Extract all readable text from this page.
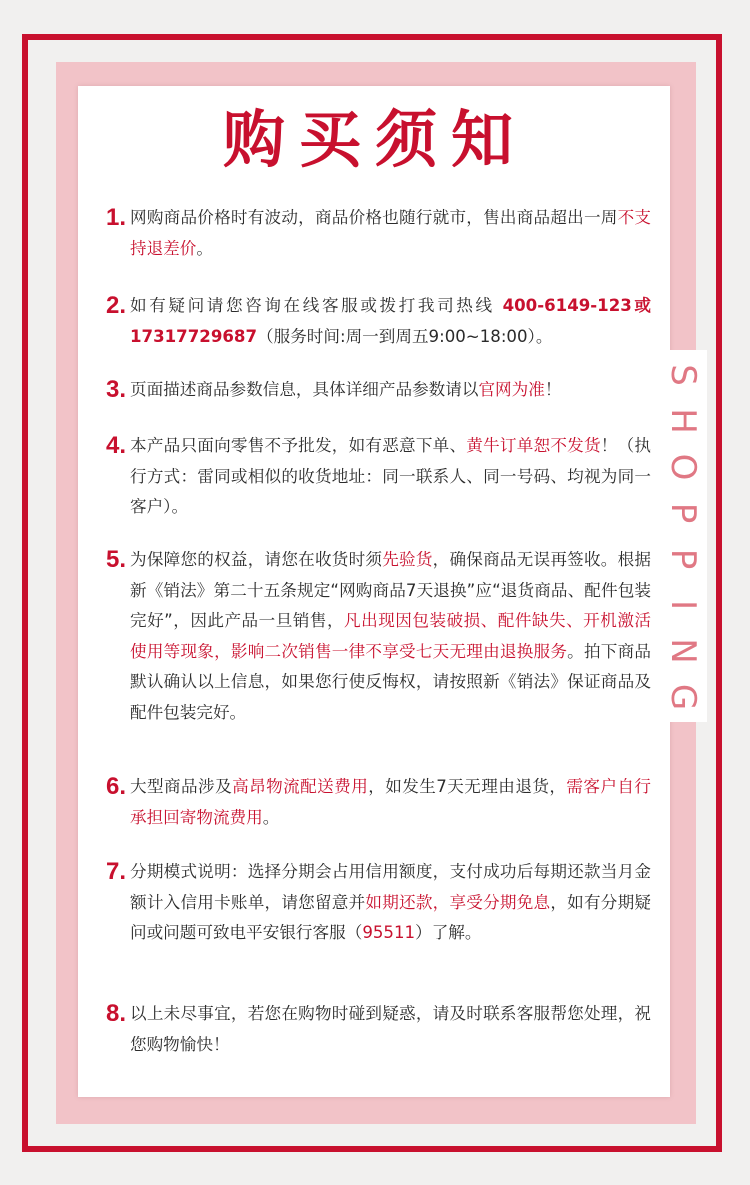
S
H
O
P
P
I
N
G
购买须知
1. 网购商品价格时有波动，商品价格也随行就市，售出商品超出一周不支持退差价。
2. 如有疑问请您咨询在线客服或拨打我司热线 400-6149-123或17317729687（服务时间:周一到周五9:00~18:00）。
3. 页面描述商品参数信息，具体详细产品参数请以官网为准！
4. 本产品只面向零售不予批发，如有恶意下单、黄牛订单恕不发货！（执行方式：雷同或相似的收货地址：同一联系人、同一号码、均视为同一客户）。
5. 为保障您的权益，请您在收货时须先验货，确保商品无误再签收。根据新《销法》第二十五条规定“网购商品7天退换”应“退货商品、配件包装完好”，因此产品一旦销售，凡出现因包装破损、配件缺失、开机激活使用等现象，影响二次销售一律不享受七天无理由退换服务。拍下商品默认确认以上信息，如果您行使反悔权，请按照新《销法》保证商品及配件包装完好。
6. 大型商品涉及高昂物流配送费用，如发生7天无理由退货，需客户自行承担回寄物流费用。
7. 分期模式说明：选择分期会占用信用额度，支付成功后每期还款当月金额计入信用卡账单，请您留意并如期还款，享受分期免息，如有分期疑问或问题可致电平安银行客服（95511）了解。
8. 以上未尽事宜，若您在购物时碰到疑惑，请及时联系客服帮您处理，祝您购物愉快！
